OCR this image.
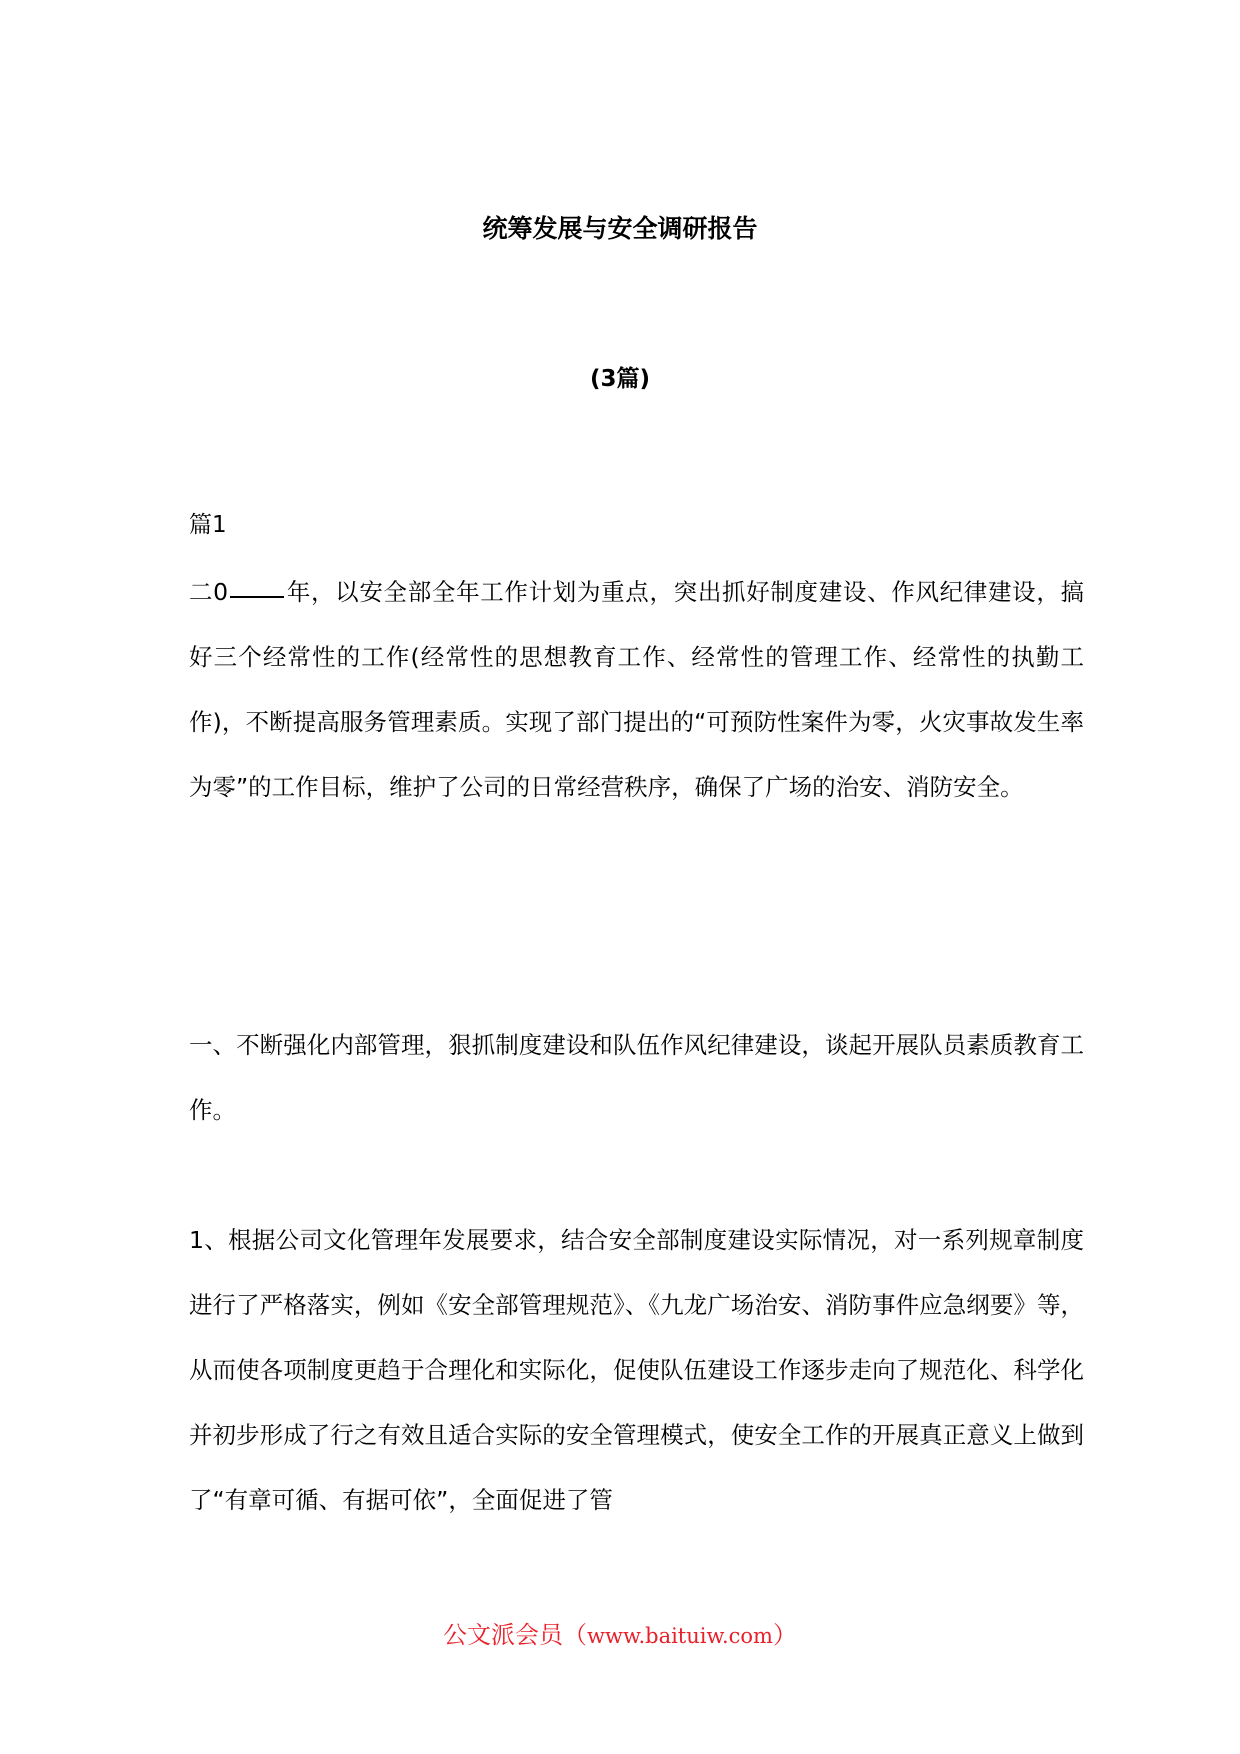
统筹发展与安全调研报告
(3篇)
篇1

二0 年，以安全部全年工作计划为重点，突出抓好制度建设、作风纪律建设，搞好三个经常性的工作(经常性的思想教育工作、经常性的管理工作、经常性的执勤工作)，不断提高服务管理素质。实现了部门提出的“可预防性案件为零，火灾事故发生率为零”的工作目标，维护了公司的日常经营秩序，确保了广场的治安、消防安全。

一、不断强化内部管理，狠抓制度建设和队伍作风纪律建设，谈起开展队员素质教育工作。

1、根据公司文化管理年发展要求，结合安全部制度建设实际情况，对一系列规章制度进行了严格落实，例如《安全部管理规范》、《九龙广场治安、消防事件应急纲要》等，从而使各项制度更趋于合理化和实际化，促使队伍建设工作逐步走向了规范化、科学化并初步形成了行之有效且适合实际的安全管理模式，使安全工作的开展真正意义上做到了“有章可循、有据可依”，全面促进了管

公文派会员（www.baituiw.com）
